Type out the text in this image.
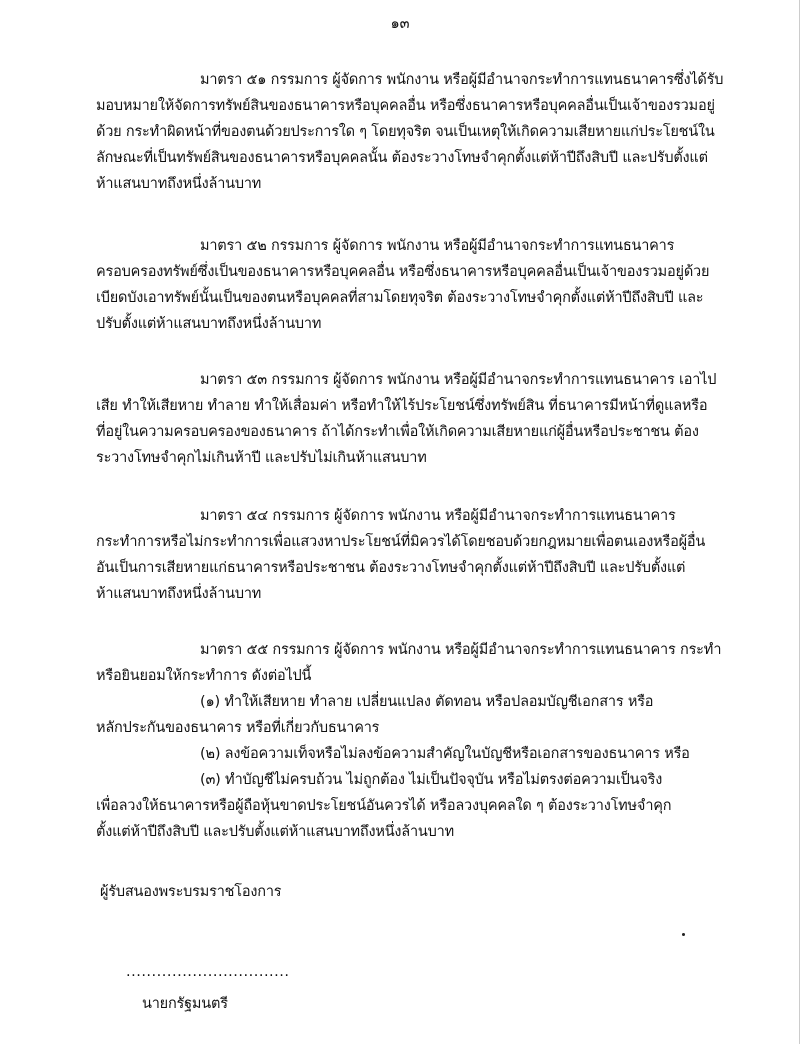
๑๓
มาตรา ๕๑ กรรมการ ผู้จัดการ พนักงาน หรือผู้มีอำนาจกระทำการแทนธนาคารซึ่งได้รับ
มอบหมายให้จัดการทรัพย์สินของธนาคารหรือบุคคลอื่น หรือซึ่งธนาคารหรือบุคคลอื่นเป็นเจ้าของรวมอยู่
ด้วย กระทำผิดหน้าที่ของตนด้วยประการใด ๆ โดยทุจริต จนเป็นเหตุให้เกิดความเสียหายแก่ประโยชน์ใน
ลักษณะที่เป็นทรัพย์สินของธนาคารหรือบุคคลนั้น ต้องระวางโทษจำคุกตั้งแต่ห้าปีถึงสิบปี และปรับตั้งแต่
ห้าแสนบาทถึงหนึ่งล้านบาท
มาตรา ๕๒ กรรมการ ผู้จัดการ พนักงาน หรือผู้มีอำนาจกระทำการแทนธนาคาร
ครอบครองทรัพย์ซึ่งเป็นของธนาคารหรือบุคคลอื่น หรือซึ่งธนาคารหรือบุคคลอื่นเป็นเจ้าของรวมอยู่ด้วย
เบียดบังเอาทรัพย์นั้นเป็นของตนหรือบุคคลที่สามโดยทุจริต ต้องระวางโทษจำคุกตั้งแต่ห้าปีถึงสิบปี และ
ปรับตั้งแต่ห้าแสนบาทถึงหนึ่งล้านบาท
มาตรา ๕๓ กรรมการ ผู้จัดการ พนักงาน หรือผู้มีอำนาจกระทำการแทนธนาคาร เอาไป
เสีย ทำให้เสียหาย ทำลาย ทำให้เสื่อมค่า หรือทำให้ไร้ประโยชน์ซึ่งทรัพย์สิน ที่ธนาคารมีหน้าที่ดูแลหรือ
ที่อยู่ในความครอบครองของธนาคาร ถ้าได้กระทำเพื่อให้เกิดความเสียหายแก่ผู้อื่นหรือประชาชน ต้อง
ระวางโทษจำคุกไม่เกินห้าปี และปรับไม่เกินห้าแสนบาท
มาตรา ๕๔ กรรมการ ผู้จัดการ พนักงาน หรือผู้มีอำนาจกระทำการแทนธนาคาร
กระทำการหรือไม่กระทำการเพื่อแสวงหาประโยชน์ที่มิควรได้โดยชอบด้วยกฎหมายเพื่อตนเองหรือผู้อื่น
อันเป็นการเสียหายแก่ธนาคารหรือประชาชน ต้องระวางโทษจำคุกตั้งแต่ห้าปีถึงสิบปี และปรับตั้งแต่
ห้าแสนบาทถึงหนึ่งล้านบาท
มาตรา ๕๕ กรรมการ ผู้จัดการ พนักงาน หรือผู้มีอำนาจกระทำการแทนธนาคาร กระทำ
หรือยินยอมให้กระทำการ ดังต่อไปนี้
(๑) ทำให้เสียหาย ทำลาย เปลี่ยนแปลง ตัดทอน หรือปลอมบัญชีเอกสาร หรือ
หลักประกันของธนาคาร หรือที่เกี่ยวกับธนาคาร
(๒) ลงข้อความเท็จหรือไม่ลงข้อความสำคัญในบัญชีหรือเอกสารของธนาคาร หรือ
(๓) ทำบัญชีไม่ครบถ้วน ไม่ถูกต้อง ไม่เป็นปัจจุบัน หรือไม่ตรงต่อความเป็นจริง
เพื่อลวงให้ธนาคารหรือผู้ถือหุ้นขาดประโยชน์อันควรได้ หรือลวงบุคคลใด ๆ ต้องระวางโทษจำคุก
ตั้งแต่ห้าปีถึงสิบปี และปรับตั้งแต่ห้าแสนบาทถึงหนึ่งล้านบาท
ผู้รับสนองพระบรมราชโองการ
................................
นายกรัฐมนตรี
